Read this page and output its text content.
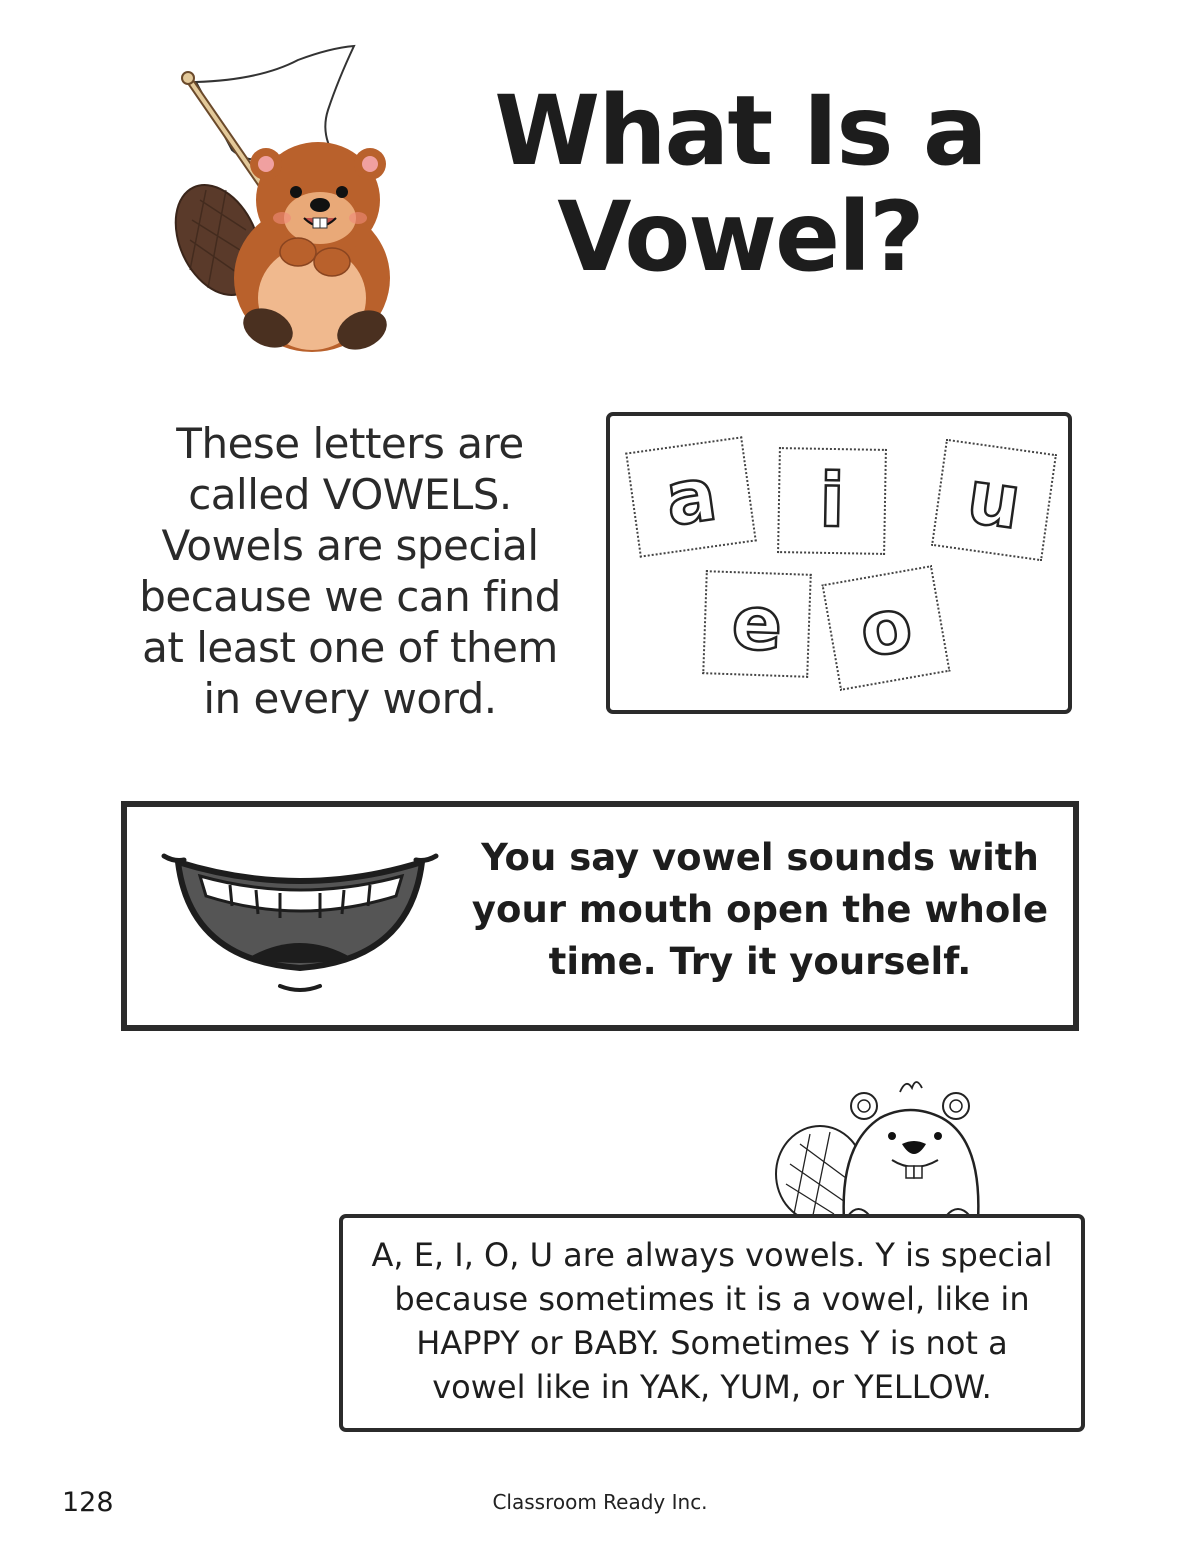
What Is a
Vowel?
These letters are
called VOWELS.
Vowels are special
because we can find
at least one of them
in every word.
a i u
e o
You say vowel sounds with
your mouth open the whole
time. Try it yourself.
A, E, I, O, U are always vowels. Y is special
because sometimes it is a vowel, like in
HAPPY or BABY. Sometimes Y is not a
vowel like in YAK, YUM, or YELLOW.
128	Classroom Ready Inc.
